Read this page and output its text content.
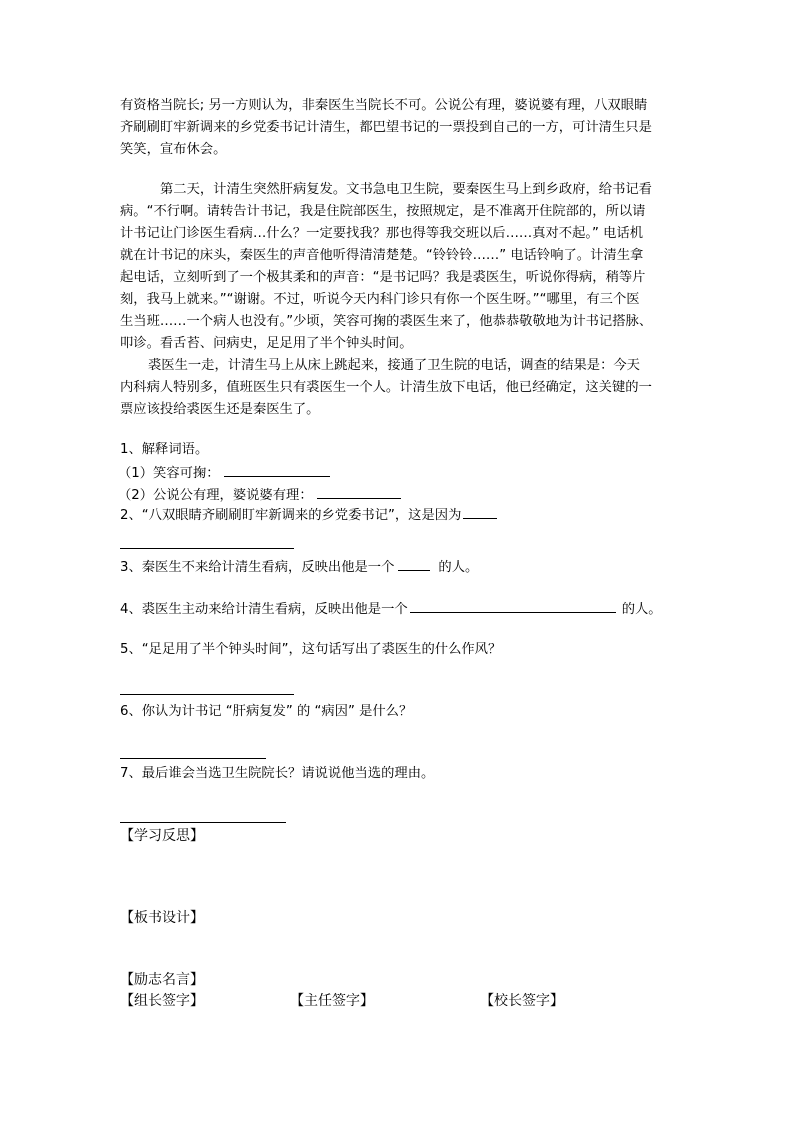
有资格当院长; 另一方则认为，非秦医生当院长不可。公说公有理，婆说婆有理，八双眼睛
齐刷刷盯牢新调来的乡党委书记计清生，都巴望书记的一票投到自己的一方，可计清生只是
笑笑，宣布休会。
第二天，计清生突然肝病复发。文书急电卫生院，要秦医生马上到乡政府，给书记看
病。“不行啊。请转告计书记，我是住院部医生，按照规定，是不准离开住院部的，所以请
计书记让门诊医生看病…什么？一定要找我？那也得等我交班以后……真对不起。” 电话机
就在计书记的床头，秦医生的声音他听得清清楚楚。“铃铃铃……” 电话铃响了。计清生拿
起电话，立刻听到了一个极其柔和的声音：“是书记吗？我是裘医生，听说你得病，稍等片
刻，我马上就来。”“谢谢。不过，听说今天内科门诊只有你一个医生呀。”“哪里，有三个医
生当班……一个病人也没有。”少顷，笑容可掬的裘医生来了，他恭恭敬敬地为计书记搭脉、
叩诊。看舌苔、问病史，足足用了半个钟头时间。
裘医生一走，计清生马上从床上跳起来，接通了卫生院的电话，调查的结果是：今天
内科病人特别多，值班医生只有裘医生一个人。计清生放下电话，他已经确定，这关键的一
票应该投给裘医生还是秦医生了。
1、解释词语。
（1）笑容可掬：
（2）公说公有理，婆说婆有理：
2、“八双眼睛齐刷刷盯牢新调来的乡党委书记”，这是因为
3、秦医生不来给计清生看病，反映出他是一个	的人。
4、裘医生主动来给计清生看病，反映出他是一个	的人。
5、“足足用了半个钟头时间”，这句话写出了裘医生的什么作风？
6、你认为计书记 “肝病复发” 的 “病因” 是什么？
7、最后谁会当选卫生院院长？请说说他当选的理由。
【学习反思】
【板书设计】
【励志名言】
【组长签字】	【主任签字】	【校长签字】
